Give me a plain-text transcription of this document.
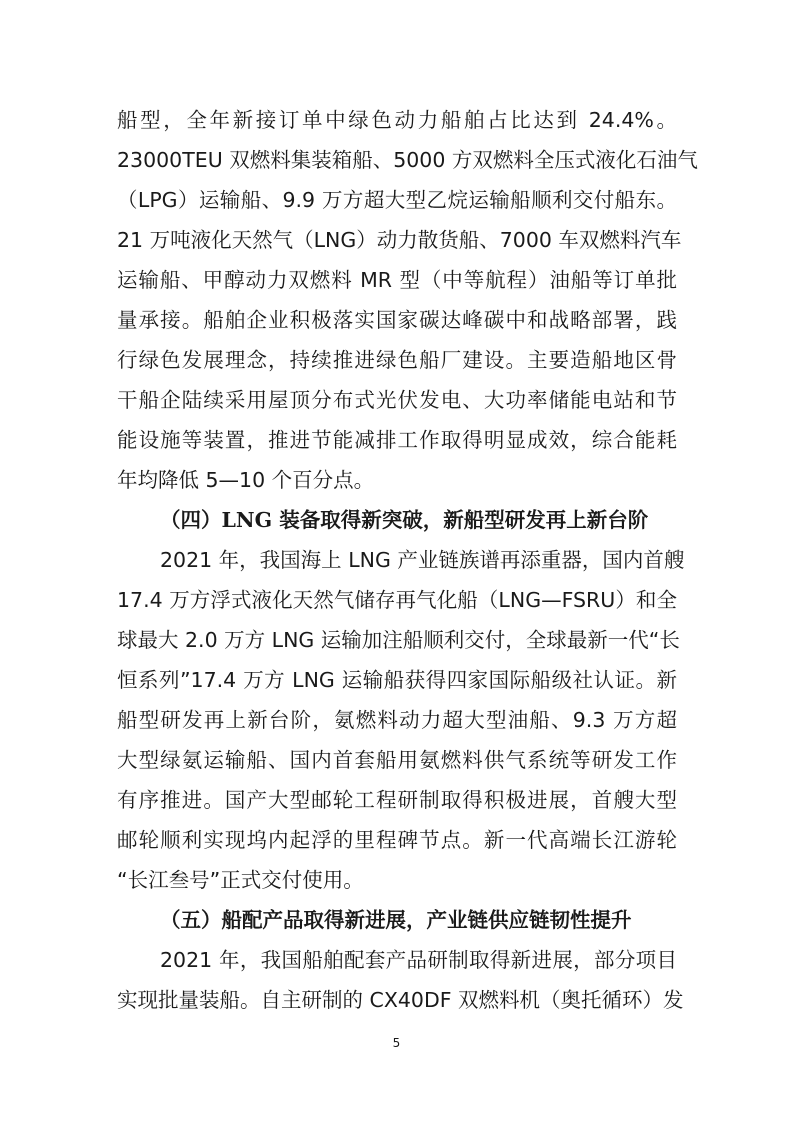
船型，全年新接订单中绿色动力船舶占比达到 24.4%。
23000TEU 双燃料集装箱船、5000 方双燃料全压式液化石油气
（LPG）运输船、9.9 万方超大型乙烷运输船顺利交付船东。
21 万吨液化天然气（LNG）动力散货船、7000 车双燃料汽车
运输船、甲醇动力双燃料 MR 型（中等航程）油船等订单批
量承接。船舶企业积极落实国家碳达峰碳中和战略部署，践
行绿色发展理念，持续推进绿色船厂建设。主要造船地区骨
干船企陆续采用屋顶分布式光伏发电、大功率储能电站和节
能设施等装置，推进节能减排工作取得明显成效，综合能耗
年均降低 5—10 个百分点。
（四）LNG 装备取得新突破，新船型研发再上新台阶
2021 年，我国海上 LNG 产业链族谱再添重器，国内首艘
17.4 万方浮式液化天然气储存再气化船（LNG—FSRU）和全
球最大 2.0 万方 LNG 运输加注船顺利交付，全球最新一代“长
恒系列”17.4 万方 LNG 运输船获得四家国际船级社认证。新
船型研发再上新台阶，氨燃料动力超大型油船、9.3 万方超
大型绿氨运输船、国内首套船用氨燃料供气系统等研发工作
有序推进。国产大型邮轮工程研制取得积极进展，首艘大型
邮轮顺利实现坞内起浮的里程碑节点。新一代高端长江游轮
“长江叁号”正式交付使用。
（五）船配产品取得新进展，产业链供应链韧性提升
2021 年，我国船舶配套产品研制取得新进展，部分项目
实现批量装船。自主研制的 CX40DF 双燃料机（奥托循环）发
5
